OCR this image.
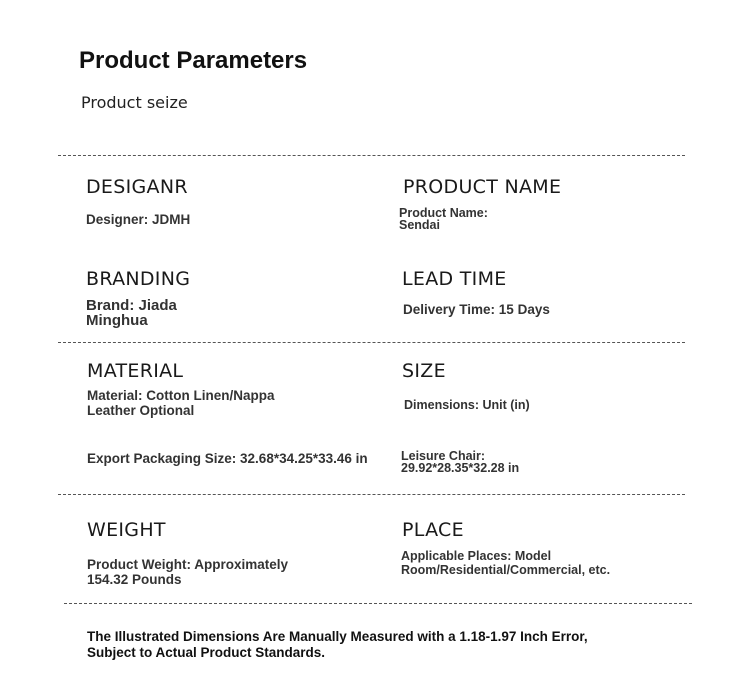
Product Parameters
Product seize
DESIGANR
Designer: JDMH
PRODUCT NAME
Product Name:
Sendai
BRANDING
Brand: Jiada
Minghua
LEAD TIME
Delivery Time: 15 Days
MATERIAL
Material: Cotton Linen/Nappa
Leather Optional
SIZE
Dimensions: Unit (in)
Export Packaging Size: 32.68*34.25*33.46 in	Leisure Chair:
29.92*28.35*32.28 in
WEIGHT
Product Weight: Approximately
154.32 Pounds
PLACE
Applicable Places: Model
Room/Residential/Commercial, etc.
The Illustrated Dimensions Are Manually Measured with a 1.18-1.97 Inch Error,
Subject to Actual Product Standards.
